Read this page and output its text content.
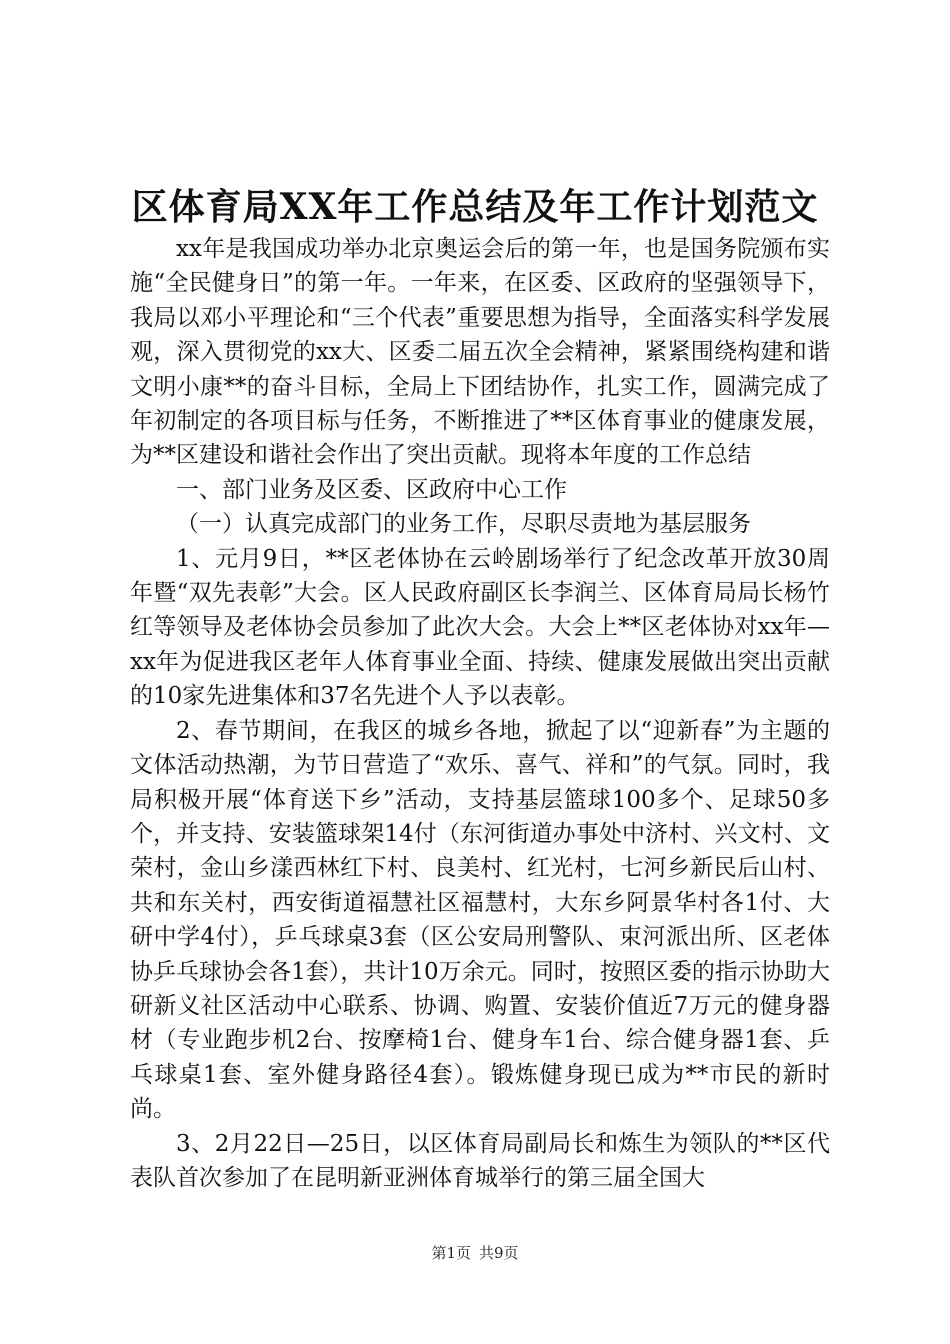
区体育局XX年工作总结及年工作计划范文

xx年是我国成功举办北京奥运会后的第一年，也是国务院颁布实施“全民健身日”的第一年。一年来，在区委、区政府的坚强领导下，我局以邓小平理论和“三个代表”重要思想为指导，全面落实科学发展观，深入贯彻党的xx大、区委二届五次全会精神，紧紧围绕构建和谐文明小康**的奋斗目标，全局上下团结协作，扎实工作，圆满完成了年初制定的各项目标与任务，不断推进了**区体育事业的健康发展，为**区建设和谐社会作出了突出贡献。现将本年度的工作总结

一、部门业务及区委、区政府中心工作

（一）认真完成部门的业务工作，尽职尽责地为基层服务

1、元月9日，**区老体协在云岭剧场举行了纪念改革开放30周年暨“双先表彰”大会。区人民政府副区长李润兰、区体育局局长杨竹红等领导及老体协会员参加了此次大会。大会上**区老体协对xx年—xx年为促进我区老年人体育事业全面、持续、健康发展做出突出贡献的10家先进集体和37名先进个人予以表彰。

2、春节期间，在我区的城乡各地，掀起了以“迎新春”为主题的文体活动热潮，为节日营造了“欢乐、喜气、祥和”的气氛。同时，我局积极开展“体育送下乡”活动，支持基层篮球100多个、足球50多个，并支持、安装篮球架14付（东河街道办事处中济村、兴文村、文荣村，金山乡漾西林红下村、良美村、红光村，七河乡新民后山村、共和东关村，西安街道福慧社区福慧村，大东乡阿景华村各1付、大研中学4付），乒乓球桌3套（区公安局刑警队、束河派出所、区老体协乒乓球协会各1套），共计10万余元。同时，按照区委的指示协助大研新义社区活动中心联系、协调、购置、安装价值近7万元的健身器材（专业跑步机2台、按摩椅1台、健身车1台、综合健身器1套、乒乓球桌1套、室外健身路径4套）。锻炼健身现已成为**市民的新时尚。

3、2月22日—25日，以区体育局副局长和炼生为领队的**区代表队首次参加了在昆明新亚洲体育城举行的第三届全国大

第1页 共9页
